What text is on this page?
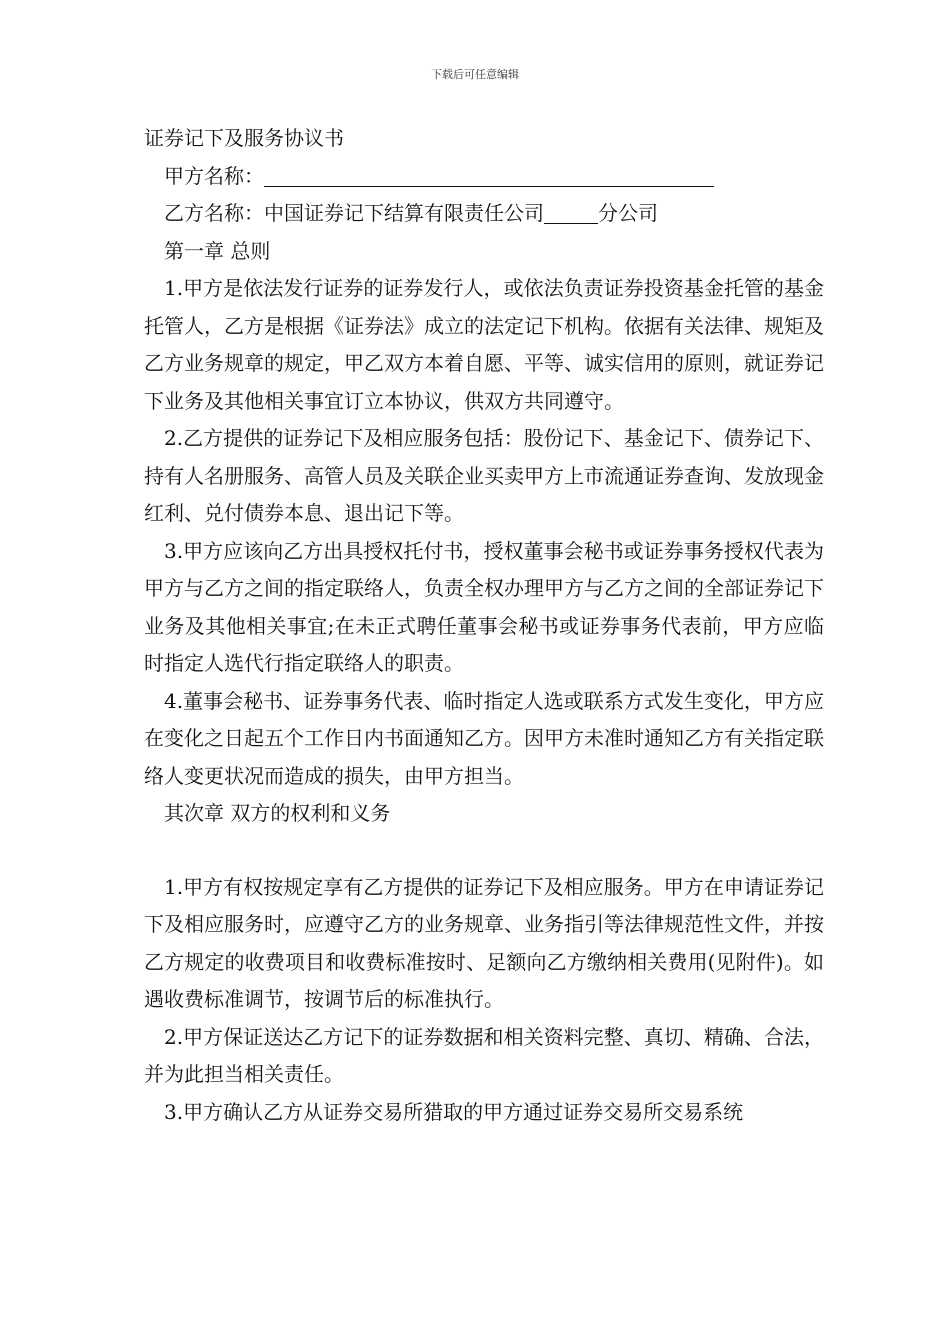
下载后可任意编辑
证券记下及服务协议书
甲方名称：
乙方名称：中国证券记下结算有限责任公司	分公司
第一章 总则
1.甲方是依法发行证券的证券发行人，或依法负责证券投资基金托管的基金托管人，乙方是根据《证券法》成立的法定记下机构。依据有关法律、规矩及乙方业务规章的规定，甲乙双方本着自愿、平等、诚实信用的原则，就证券记下业务及其他相关事宜订立本协议，供双方共同遵守。
2.乙方提供的证券记下及相应服务包括：股份记下、基金记下、债券记下、持有人名册服务、高管人员及关联企业买卖甲方上市流通证券查询、发放现金红利、兑付债券本息、退出记下等。
3.甲方应该向乙方出具授权托付书，授权董事会秘书或证券事务授权代表为甲方与乙方之间的指定联络人，负责全权办理甲方与乙方之间的全部证券记下业务及其他相关事宜;在未正式聘任董事会秘书或证券事务代表前，甲方应临时指定人选代行指定联络人的职责。
4.董事会秘书、证券事务代表、临时指定人选或联系方式发生变化，甲方应在变化之日起五个工作日内书面通知乙方。因甲方未准时通知乙方有关指定联络人变更状况而造成的损失，由甲方担当。
其次章 双方的权利和义务
1.甲方有权按规定享有乙方提供的证券记下及相应服务。甲方在申请证券记下及相应服务时，应遵守乙方的业务规章、业务指引等法律规范性文件，并按乙方规定的收费项目和收费标准按时、足额向乙方缴纳相关费用(见附件)。如遇收费标准调节，按调节后的标准执行。
2.甲方保证送达乙方记下的证券数据和相关资料完整、真切、精确、合法，并为此担当相关责任。
3.甲方确认乙方从证券交易所猎取的甲方通过证券交易所交易系统
